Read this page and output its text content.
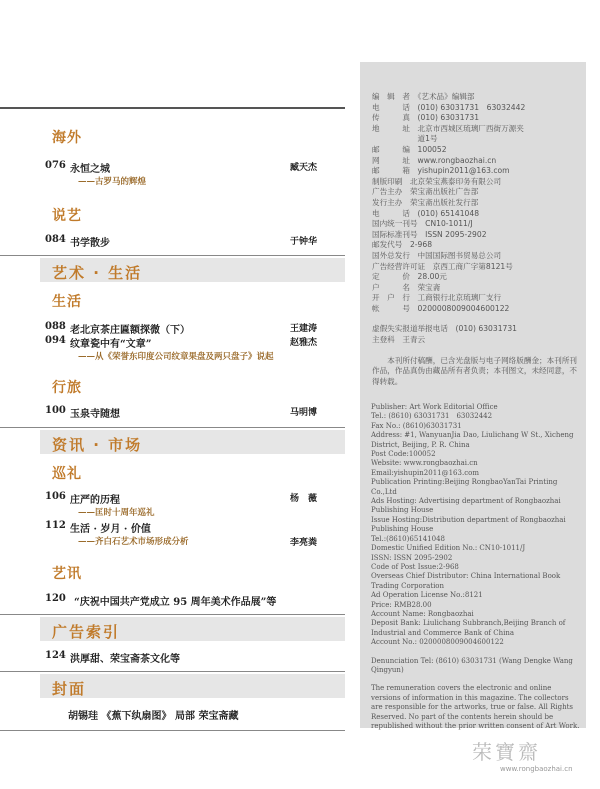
海外
076 永恒之城	臧天杰
——古罗马的辉煌
说艺
084 书学散步	于钟华
艺术 · 生活
生活
088 老北京茶庄匾额探微（下）	王建涛
094 纹章瓷中有“文章”	赵雅杰
——从《荣誉东印度公司纹章果盘及两只盘子》说起
行旅
100 玉泉寺随想	马明博
资讯 · 市场
巡礼
106 庄严的历程	杨　薇
——匡时十周年巡礼
112 生活 · 岁月 · 价值
——齐白石艺术市场形成分析	李亮粪
艺讯
120 “庆祝中国共产党成立 95 周年美术作品展”等
广告索引
124 洪厚甜、荣宝斋茶文化等
封面
胡锡珪 《蕉下纨扇图》 局部 荣宝斋藏
编　辑　者　《艺术品》编辑部
电　　　话　(010) 63031731　63032442
传　　　真　(010) 63031731
地　　　址　北京市西城区琉璃厂西街万源夹
　　　　　　道1号
邮　　　编　100052
网　　　址　www.rongbaozhai.cn
邮　　　箱　yishupin2011@163.com
制版印刷　北京荣宝燕泰印务有限公司
广告主办　荣宝斋出版社广告部
发行主办　荣宝斋出版社发行部
电　　　话　(010) 65141048
国内统一刊号　CN10-1011/J
国际标准刊号　ISSN 2095-2902
邮发代号　2-968
国外总发行　中国国际图书贸易总公司
广告经营许可证　京西工商广字第8121号
定　　　价　28.00元
户　　　名　荣宝斋
开　户　行　工商银行北京琉璃厂支行
帐　　　号　0200008009004600122
虚假失实报道举报电话　(010) 63031731
主登科　王青云

本刊所付稿酬，已含光盘版与电子网络版酬金；本刊所刊作品，作品真伪由藏品所有者负责；本刊图文，未经同意，不得转载。

Publisher: Art Work Editorial Office

Tel.: (8610) 63031731　63032442

Fax No.: (8610)63031731

Address: #1, WanyuanJia Dao, Liulichang W St., Xicheng District, Beijing, P. R. China

Post Code:100052

Website: www.rongbaozhai.cn

Email:yishupin2011@163.com

Publication Printing:Beijing RongbaoYanTai Printing Co.,Ltd

Ads Hosting: Advertising department of Rongbaozhai Publishing House

Issue Hosting:Distribution department of Rongbaozhai Publishing House

Tel.:(8610)65141048

Domestic Unified Edition No.: CN10-1011/J

ISSN: ISSN 2095-2902

Code of Post Issue:2-968

Overseas Chief Distributor: China International Book Trading Corporation

Ad Operation License No.:8121

Price: RMB28.00

Account Name: Rongbaozhai

Deposit Bank: Liulichang Subbranch,Beijing Branch of Industrial and Commerce Bank of China

Account No.: 0200008009004600122

Denunciation Tel: (8610) 63031731 (Wang Dengke Wang Qingyun)

The remuneration covers the electronic and online versions of information in this magazine. The collectors are responsible for the artworks, true or false. All Rights Reserved. No part of the contents herein should be republished without the prior written consent of Art Work.

荣寶齋
www.rongbaozhai.cn
